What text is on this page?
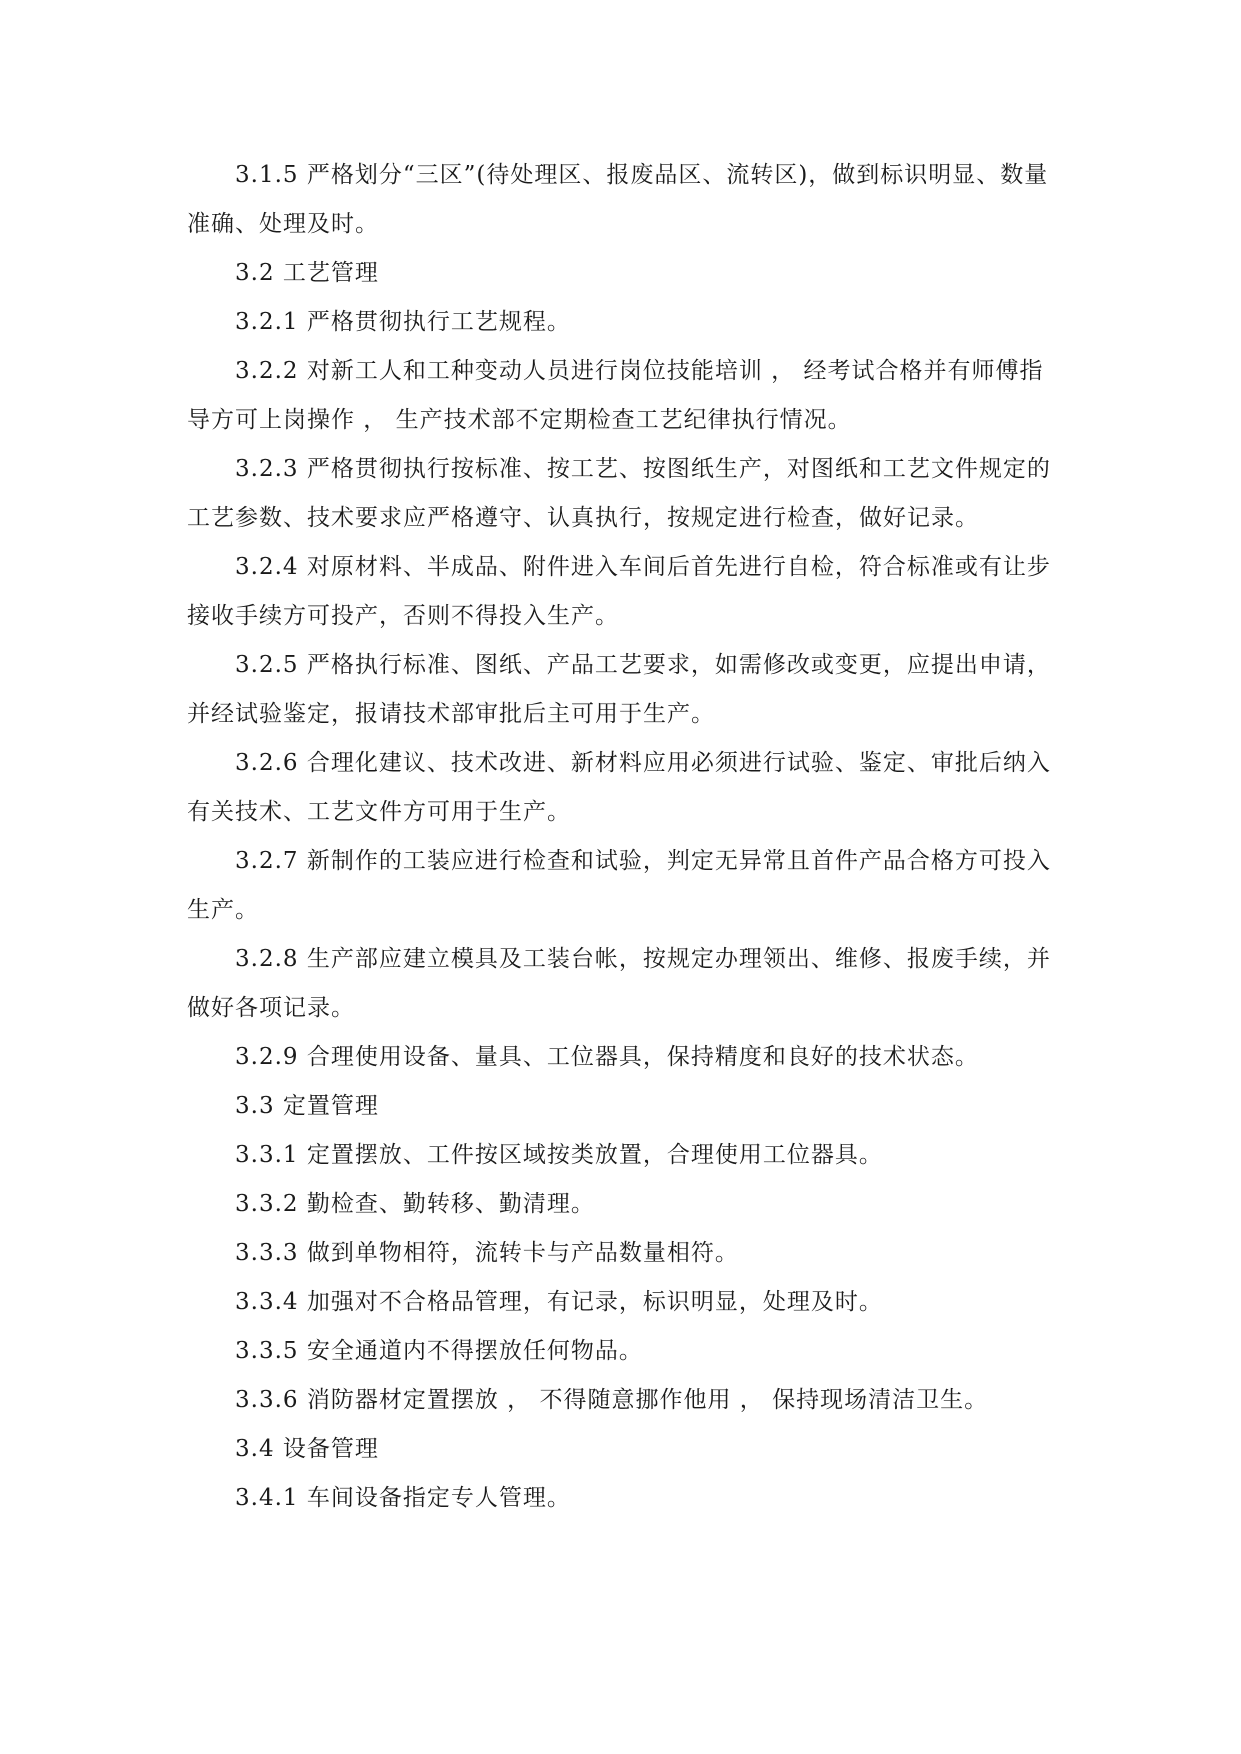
3.1.5 严格划分“三区”(待处理区、报废品区、流转区)，做到标识明显、数量准确、处理及时。

3.2 工艺管理

3.2.1 严格贯彻执行工艺规程。

3.2.2 对新工人和工种变动人员进行岗位技能培训 ， 经考试合格并有师傅指导方可上岗操作 ， 生产技术部不定期检查工艺纪律执行情况。

3.2.3 严格贯彻执行按标准、按工艺、按图纸生产，对图纸和工艺文件规定的工艺参数、技术要求应严格遵守、认真执行，按规定进行检查，做好记录。

3.2.4 对原材料、半成品、附件进入车间后首先进行自检，符合标准或有让步接收手续方可投产，否则不得投入生产。

3.2.5 严格执行标准、图纸、产品工艺要求，如需修改或变更，应提出申请，并经试验鉴定，报请技术部审批后主可用于生产。

3.2.6 合理化建议、技术改进、新材料应用必须进行试验、鉴定、审批后纳入有关技术、工艺文件方可用于生产。

3.2.7 新制作的工装应进行检查和试验，判定无异常且首件产品合格方可投入生产。

3.2.8 生产部应建立模具及工装台帐，按规定办理领出、维修、报废手续，并做好各项记录。

3.2.9 合理使用设备、量具、工位器具，保持精度和良好的技术状态。

3.3 定置管理

3.3.1 定置摆放、工件按区域按类放置，合理使用工位器具。

3.3.2 勤检查、勤转移、勤清理。

3.3.3 做到单物相符，流转卡与产品数量相符。

3.3.4 加强对不合格品管理，有记录，标识明显，处理及时。

3.3.5 安全通道内不得摆放任何物品。

3.3.6 消防器材定置摆放 ， 不得随意挪作他用 ， 保持现场清洁卫生。

3.4 设备管理

3.4.1 车间设备指定专人管理。
